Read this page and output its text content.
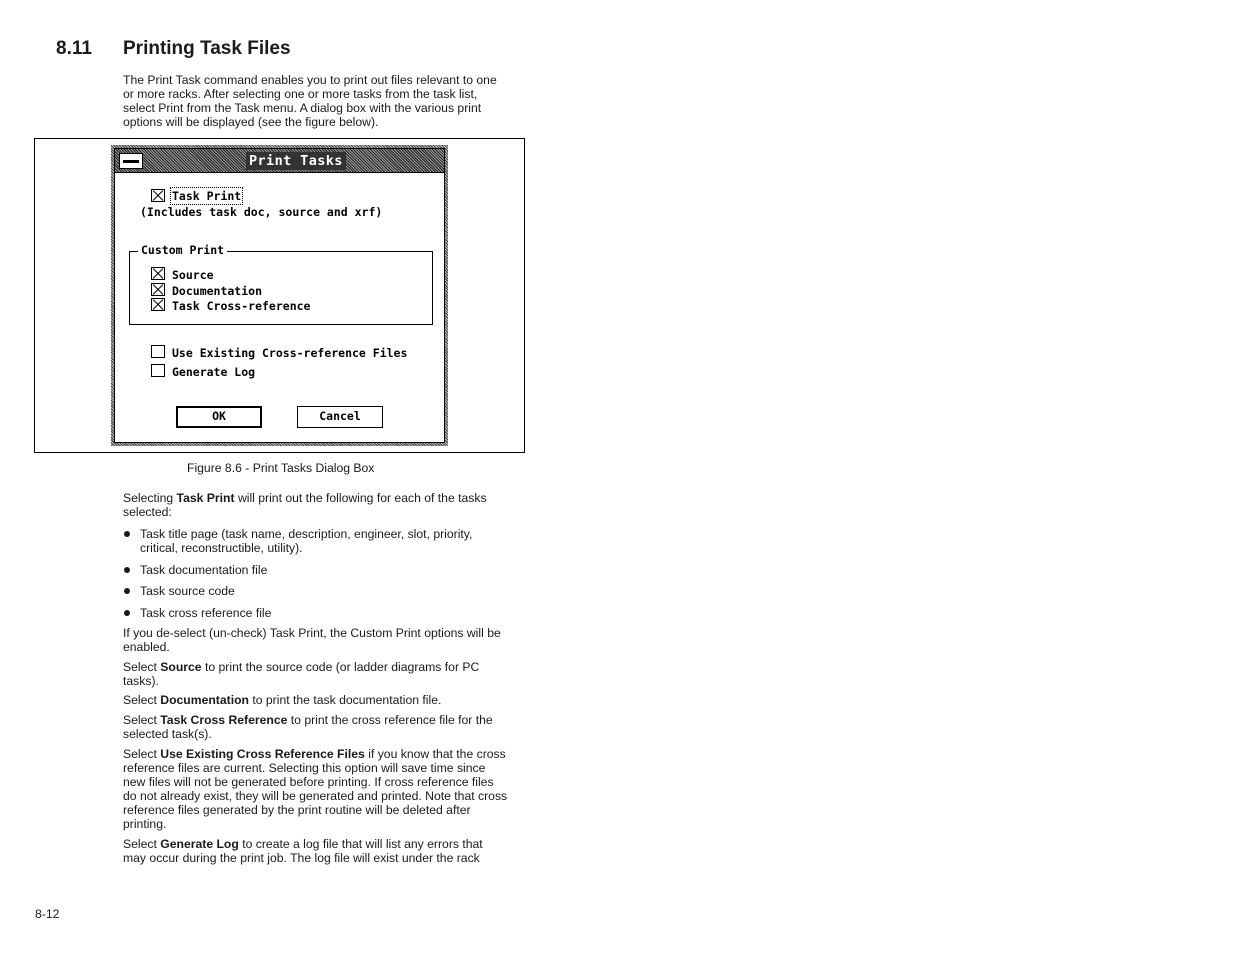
8.11 Printing Task Files

The Print Task command enables you to print out files relevant to one or more racks. After selecting one or more tasks from the task list, select Print from the Task menu. A dialog box with the various print options will be displayed (see the figure below).

Print Tasks
Task Print
(Includes task doc, source and xrf)
Custom Print
Source
Documentation
Task Cross-reference
Use Existing Cross-reference Files
Generate Log
OK	Cancel
Figure 8.6 - Print Tasks Dialog Box

Selecting Task Print will print out the following for each of the tasks selected:

Task title page (task name, description, engineer, slot, priority, critical, reconstructible, utility).
Task documentation file
Task source code
Task cross reference file

If you de-select (un-check) Task Print, the Custom Print options will be enabled.

Select Source to print the source code (or ladder diagrams for PC tasks).

Select Documentation to print the task documentation file.

Select Task Cross Reference to print the cross reference file for the selected task(s).

Select Use Existing Cross Reference Files if you know that the cross reference files are current. Selecting this option will save time since new files will not be generated before printing. If cross reference files do not already exist, they will be generated and printed. Note that cross reference files generated by the print routine will be deleted after printing.

Select Generate Log to create a log file that will list any errors that may occur during the print job. The log file will exist under the rack

8-12
